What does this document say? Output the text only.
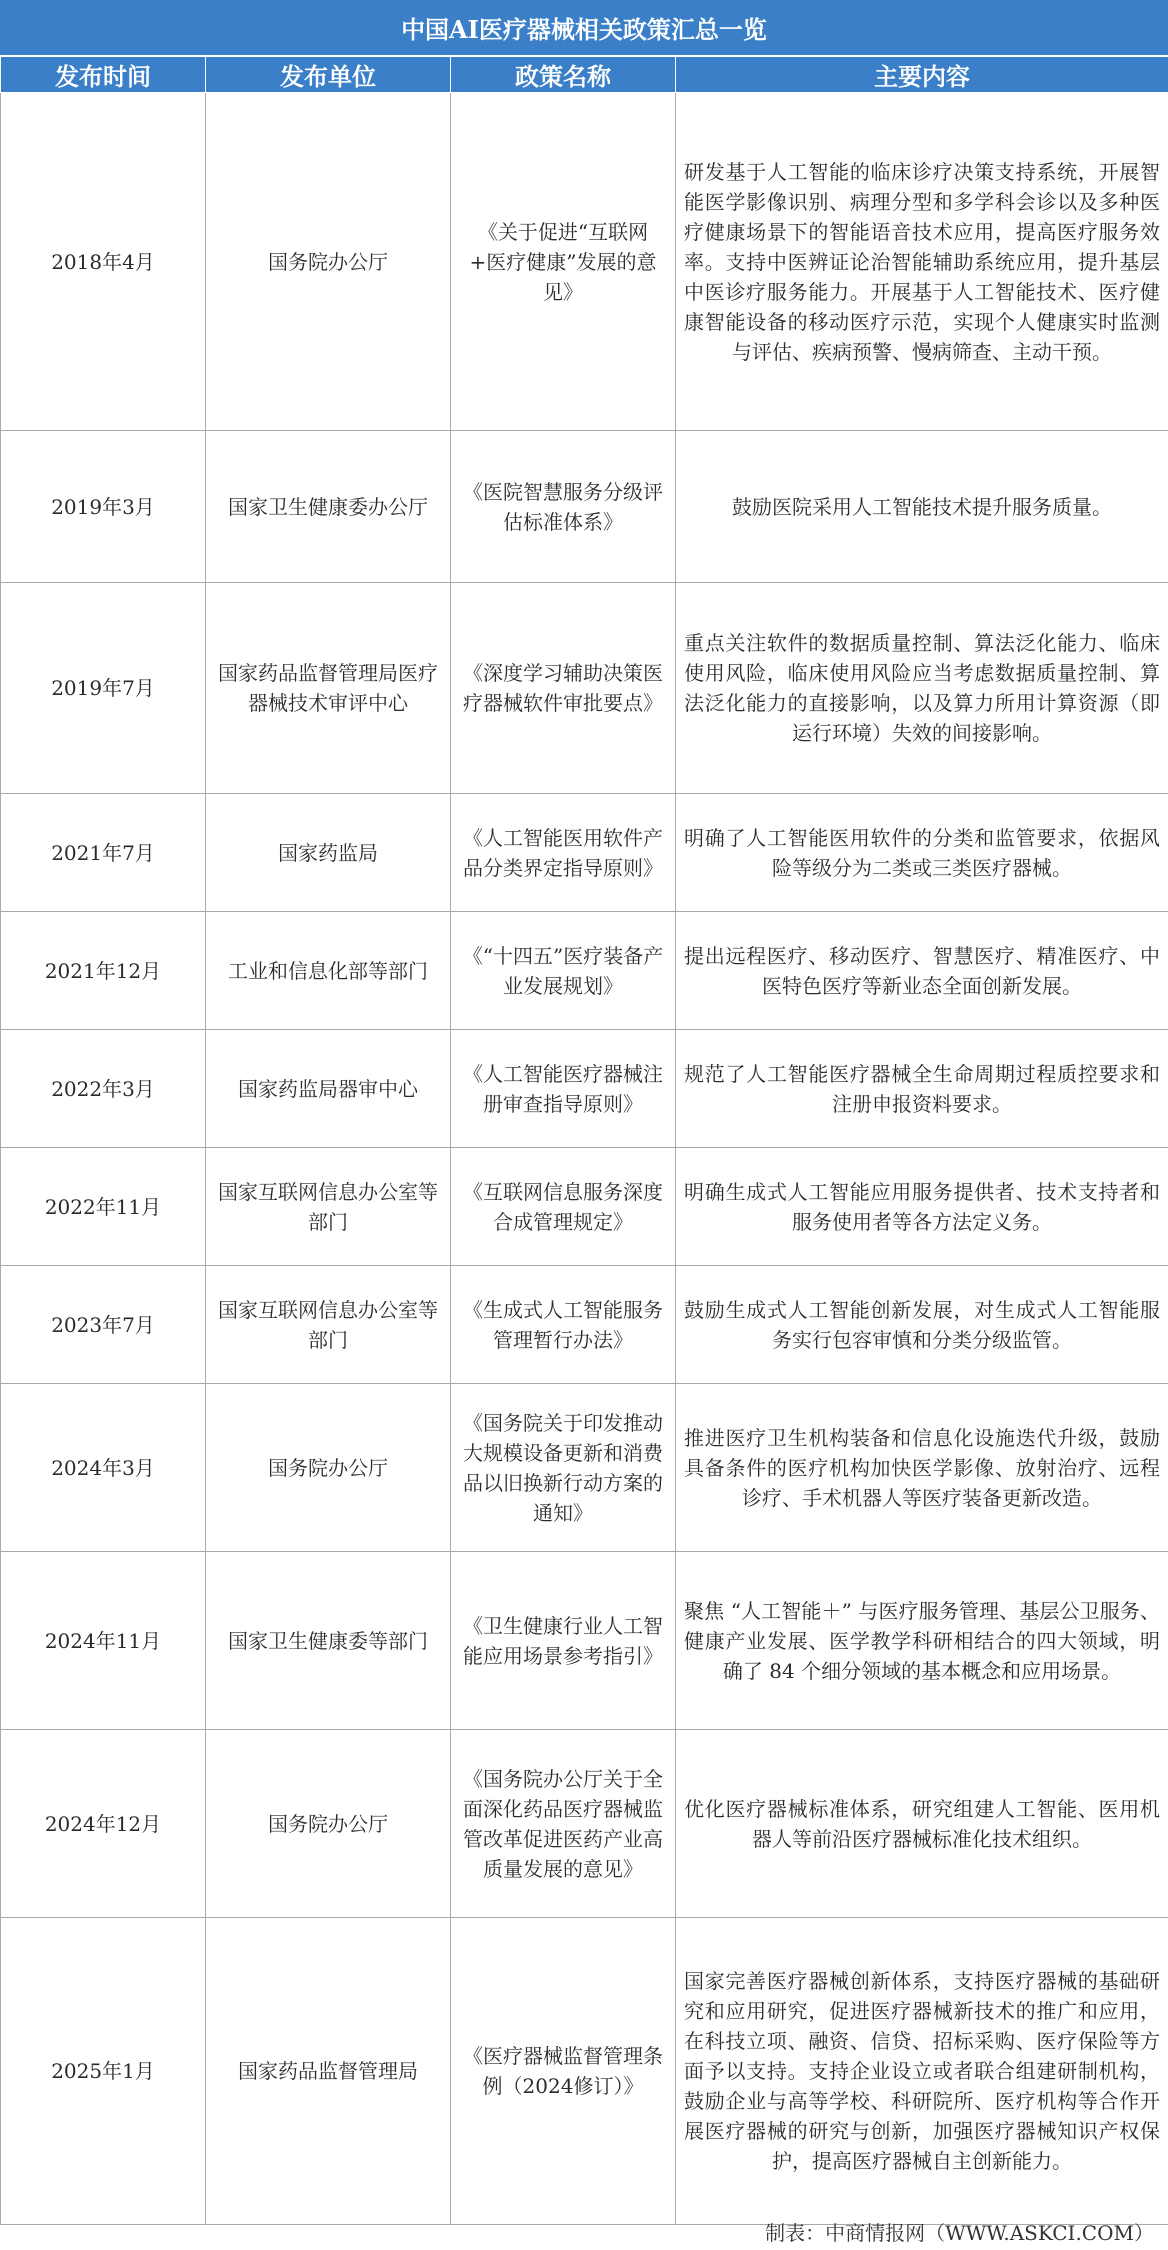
中国AI医疗器械相关政策汇总一览
发布时间	发布单位	政策名称	主要内容
2018年4月	国务院办公厅	《关于促进“互联网+医疗健康”发展的意见》	研发基于人工智能的临床诊疗决策支持系统，开展智能医学影像识别、病理分型和多学科会诊以及多种医疗健康场景下的智能语音技术应用，提高医疗服务效率。支持中医辨证论治智能辅助系统应用，提升基层中医诊疗服务能力。开展基于人工智能技术、医疗健康智能设备的移动医疗示范，实现个人健康实时监测与评估、疾病预警、慢病筛查、主动干预。
2019年3月	国家卫生健康委办公厅	《医院智慧服务分级评估标准体系》	鼓励医院采用人工智能技术提升服务质量。
2019年7月	国家药品监督管理局医疗器械技术审评中心	《深度学习辅助决策医疗器械软件审批要点》	重点关注软件的数据质量控制、算法泛化能力、临床使用风险，临床使用风险应当考虑数据质量控制、算法泛化能力的直接影响，以及算力所用计算资源（即运行环境）失效的间接影响。
2021年7月	国家药监局	《人工智能医用软件产品分类界定指导原则》	明确了人工智能医用软件的分类和监管要求，依据风险等级分为二类或三类医疗器械。
2021年12月	工业和信息化部等部门	《“十四五”医疗装备产业发展规划》	提出远程医疗、移动医疗、智慧医疗、精准医疗、中医特色医疗等新业态全面创新发展。
2022年3月	国家药监局器审中心	《人工智能医疗器械注册审查指导原则》	规范了人工智能医疗器械全生命周期过程质控要求和注册申报资料要求。
2022年11月	国家互联网信息办公室等部门	《互联网信息服务深度合成管理规定》	明确生成式人工智能应用服务提供者、技术支持者和服务使用者等各方法定义务。
2023年7月	国家互联网信息办公室等部门	《生成式人工智能服务管理暂行办法》	鼓励生成式人工智能创新发展，对生成式人工智能服务实行包容审慎和分类分级监管。
2024年3月	国务院办公厅	《国务院关于印发推动大规模设备更新和消费品以旧换新行动方案的通知》	推进医疗卫生机构装备和信息化设施迭代升级，鼓励具备条件的医疗机构加快医学影像、放射治疗、远程诊疗、手术机器人等医疗装备更新改造。
2024年11月	国家卫生健康委等部门	《卫生健康行业人工智能应用场景参考指引》	聚焦 “人工智能＋” 与医疗服务管理、基层公卫服务、健康产业发展、医学教学科研相结合的四大领域，明确了 84 个细分领域的基本概念和应用场景。
2024年12月	国务院办公厅	《国务院办公厅关于全面深化药品医疗器械监管改革促进医药产业高质量发展的意见》	优化医疗器械标准体系，研究组建人工智能、医用机器人等前沿医疗器械标准化技术组织。
2025年1月	国家药品监督管理局	《医疗器械监督管理条例（2024修订）》	国家完善医疗器械创新体系，支持医疗器械的基础研究和应用研究，促进医疗器械新技术的推广和应用，在科技立项、融资、信贷、招标采购、医疗保险等方面予以支持。支持企业设立或者联合组建研制机构，鼓励企业与高等学校、科研院所、医疗机构等合作开展医疗器械的研究与创新，加强医疗器械知识产权保护，提高医疗器械自主创新能力。
制表：中商情报网（WWW.ASKCI.COM）
